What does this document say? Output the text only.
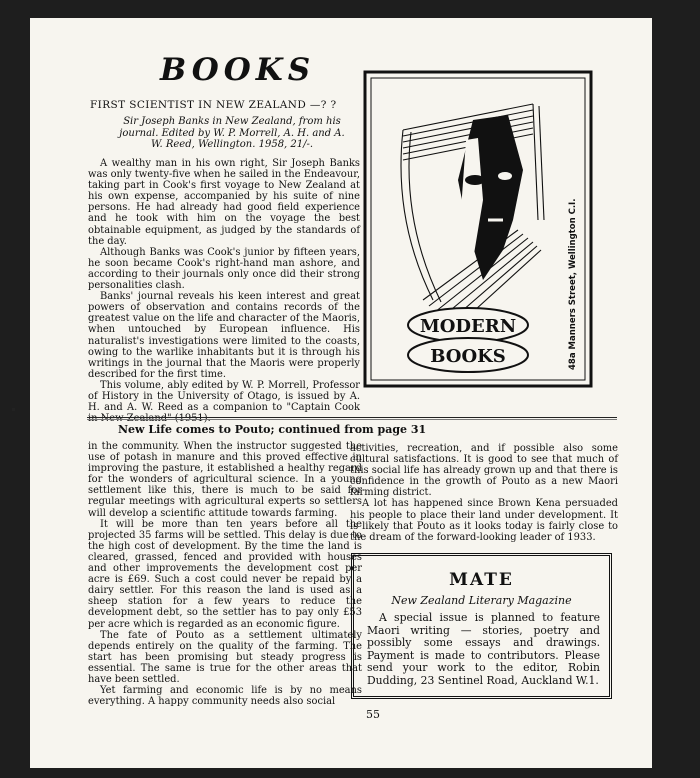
BOOKS
FIRST SCIENTIST IN NEW ZEALAND —? ?
Sir Joseph Banks in New Zealand, from his journal. Edited by W. P. Morrell, A. H. and A. W. Reed, Wellington. 1958, 21/-.

A wealthy man in his own right, Sir Joseph Banks was only twenty-five when he sailed in the Endeavour, taking part in Cook's first voyage to New Zealand at his own expense, accompanied by his suite of nine persons. He had already had good field experience and he took with him on the voyage the best obtainable equipment, as judged by the standards of the day.

Although Banks was Cook's junior by fifteen years, he soon became Cook's right-hand man ashore, and according to their journals only once did their strong personalities clash.

Banks' journal reveals his keen interest and great powers of observation and contains records of the greatest value on the life and character of the Maoris, when untouched by European influence. His naturalist's investigations were limited to the coasts, owing to the warlike inhabitants but it is through his writings in the journal that the Maoris were properly described for the first time.

This volume, ably edited by W. P. Morrell, Professor of History in the University of Otago, is issued by A. H. and A. W. Reed as a companion to "Captain Cook

MODERN
BOOKS	48a Manners Street, Wellington C.I.
New Life comes to Pouto; continued from page 31

in the community. When the instructor suggested the use of potash in manure and this proved effective in improving the pasture, it established a healthy regard for the wonders of agricultural science. In a young settlement like this, there is much to be said for regular meetings with agricultural experts so settlers will develop a scientific attitude towards farming.

It will be more than ten years before all the projected 35 farms will be settled. This delay is due to the high cost of development. By the time the land is cleared, grassed, fenced and provided with houses and other improvements the development cost per acre is £69. Such a cost could never be repaid by a dairy settler. For this reason the land is used as a sheep station for a few years to reduce the development debt, so the settler has to pay only £53 per acre which is regarded as an economic figure.

The fate of Pouto as a settlement ultimately depends entirely on the quality of the farming. The start has been promising but steady progress is essential. The same is true for the other areas that have been settled.

Yet farming and economic life is by no means everything. A happy community needs also social

activities, recreation, and if possible also some cultural satisfactions. It is good to see that much of this social life has already grown up and that there is confidence in the growth of Pouto as a new Maori farming district.

A lot has happened since Brown Kena persuaded his people to place their land under development. It is likely that Pouto as it looks today is fairly close to the dream of the forward-looking leader of 1933.

MATE
New Zealand Literary Magazine

A special issue is planned to feature Maori writing — stories, poetry and possibly some essays and drawings. Payment is made to contributors. Please send your work to the editor, Robin Dudding, 23 Sentinel Road, Auckland W.1.

55
